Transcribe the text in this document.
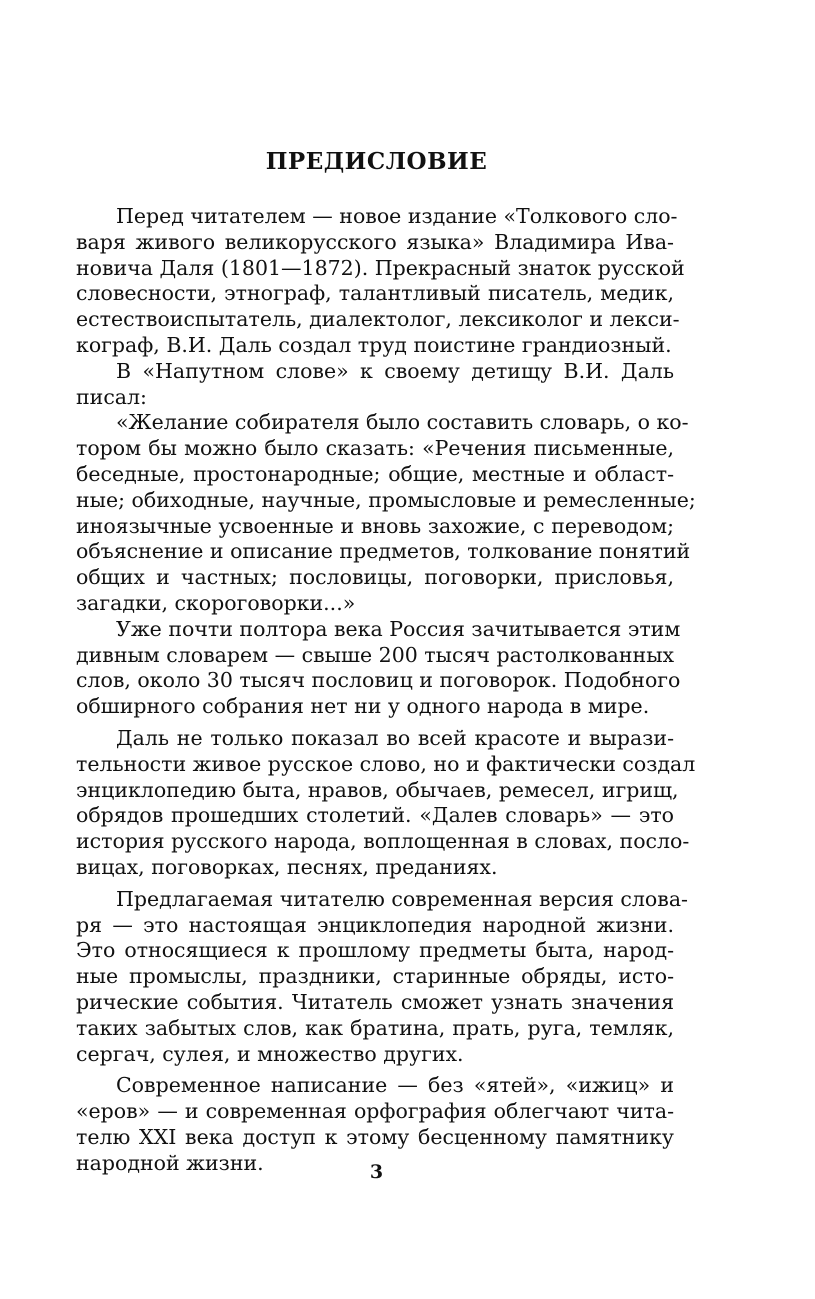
ПРЕДИСЛОВИЕ
Перед читателем — новое издание «Толкового сло-
варя живого великорусского языка» Владимира Ива-
новича Даля (1801—1872). Прекрасный знаток русской
словесности, этнограф, талантливый писатель, медик,
естествоиспытатель, диалектолог, лексиколог и лекси-
кограф, В.И. Даль создал труд поистине грандиозный.
В «Напутном слове» к своему детищу В.И. Даль
писал:
«Желание собирателя было составить словарь, о ко-
тором бы можно было сказать: «Речения письменные,
беседные, простонародные; общие, местные и област-
ные; обиходные, научные, промысловые и ремесленные;
иноязычные усвоенные и вновь захожие, с переводом;
объяснение и описание предметов, толкование понятий
общих и частных; пословицы, поговорки, присловья,
загадки, скороговорки...»
Уже почти полтора века Россия зачитывается этим
дивным словарем — свыше 200 тысяч растолкованных
слов, около 30 тысяч пословиц и поговорок. Подобного
обширного собрания нет ни у одного народа в мире.
Даль не только показал во всей красоте и вырази-
тельности живое русское слово, но и фактически создал
энциклопедию быта, нравов, обычаев, ремесел, игрищ,
обрядов прошедших столетий. «Далев словарь» — это
история русского народа, воплощенная в словах, посло-
вицах, поговорках, песнях, преданиях.
Предлагаемая читателю современная версия слова-
ря — это настоящая энциклопедия народной жизни.
Это относящиеся к прошлому предметы быта, народ-
ные промыслы, праздники, старинные обряды, исто-
рические события. Читатель сможет узнать значения
таких забытых слов, как братина, прать, руга, темляк,
сергач, сулея, и множество других.
Современное написание — без «ятей», «ижиц» и
«еров» — и современная орфография облегчают чита-
телю XXI века доступ к этому бесценному памятнику
народной жизни.	3
